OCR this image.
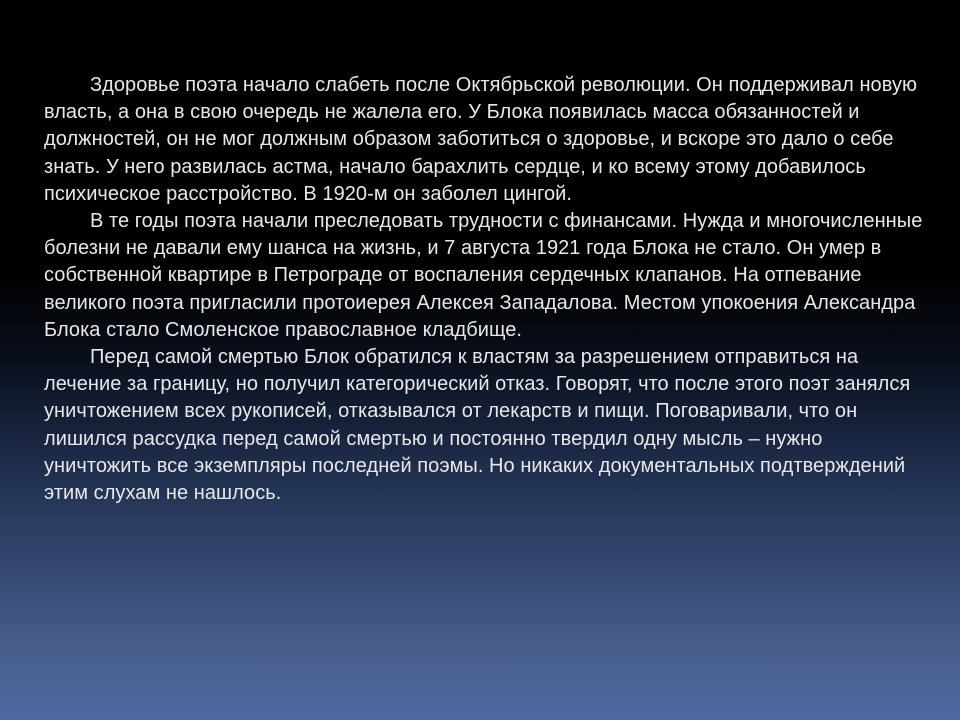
Здоровье поэта начало слабеть после Октябрьской революции. Он поддерживал новую власть, а она в свою очередь не жалела его. У Блока появилась масса обязанностей и должностей, он не мог должным образом заботиться о здоровье, и вскоре это дало о себе знать. У него развилась астма, начало барахлить сердце, и ко всему этому добавилось психическое расстройство. В 1920-м он заболел цингой.

В те годы поэта начали преследовать трудности с финансами. Нужда и многочисленные болезни не давали ему шанса на жизнь, и 7 августа 1921 года Блока не стало. Он умер в собственной квартире в Петрограде от воспаления сердечных клапанов. На отпевание великого поэта пригласили протоиерея Алексея Западалова. Местом упокоения Александра Блока стало Смоленское православное кладбище.

Перед самой смертью Блок обратился к властям за разрешением отправиться на лечение за границу, но получил категорический отказ. Говорят, что после этого поэт занялся уничтожением всех рукописей, отказывался от лекарств и пищи. Поговаривали, что он лишился рассудка перед самой смертью и постоянно твердил одну мысль – нужно уничтожить все экземпляры последней поэмы. Но никаких документальных подтверждений этим слухам не нашлось.
